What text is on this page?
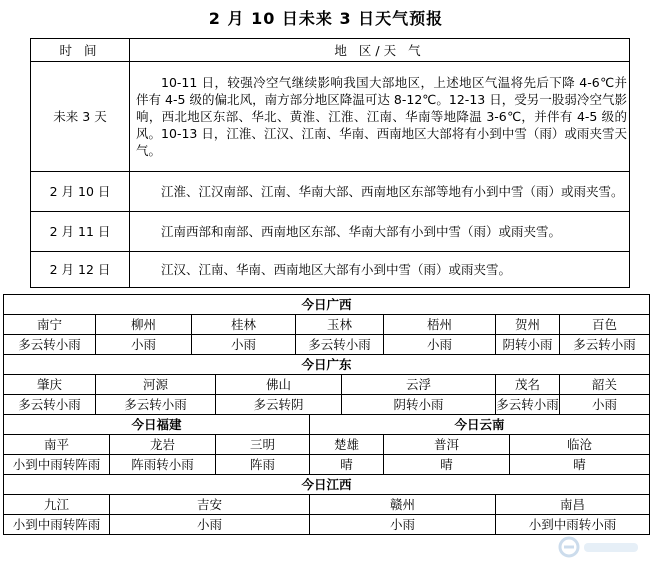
2 月 10 日未来 3 日天气预报
时 间	地 区/天 气
未来 3 天	10-11 日，较强冷空气继续影响我国大部地区，上述地区气温将先后下降 4-6℃并伴有 4-5 级的偏北风，南方部分地区降温可达 8-12℃。12-13 日，受另一股弱冷空气影响，西北地区东部、华北、黄淮、江淮、江南、华南等地降温 3-6℃，并伴有 4-5 级的风。10-13 日，江淮、江汉、江南、华南、西南地区大部将有小到中雪（雨）或雨夹雪天气。
2 月 10 日	江淮、江汉南部、江南、华南大部、西南地区东部等地有小到中雪（雨）或雨夹雪。
2 月 11 日	江南西部和南部、西南地区东部、华南大部有小到中雪（雨）或雨夹雪。
2 月 12 日	江汉、江南、华南、西南地区大部有小到中雪（雨）或雨夹雪。
今日广西											
南宁	柳州		桂林		玉林			梧州	贺州		百色
多云转小雨	小雨		小雨		多云转小雨			小雨	阴转小雨		多云转小雨
今日广东											
肇庆	河源			佛山			云浮		茂名		韶关
多云转小雨	多云转小雨			多云转阴			阴转小雨		多云转小雨		小雨
今日福建						今日云南					
南平		龙岩		三明		楚雄		普洱		临沧	
小到中雨转阵雨		阵雨转小雨		阵雨		晴		晴		晴	
今日江西											
九江		吉安				赣州			南昌		
小到中雨转阵雨		小雨				小雨			小到中雨转小雨		
